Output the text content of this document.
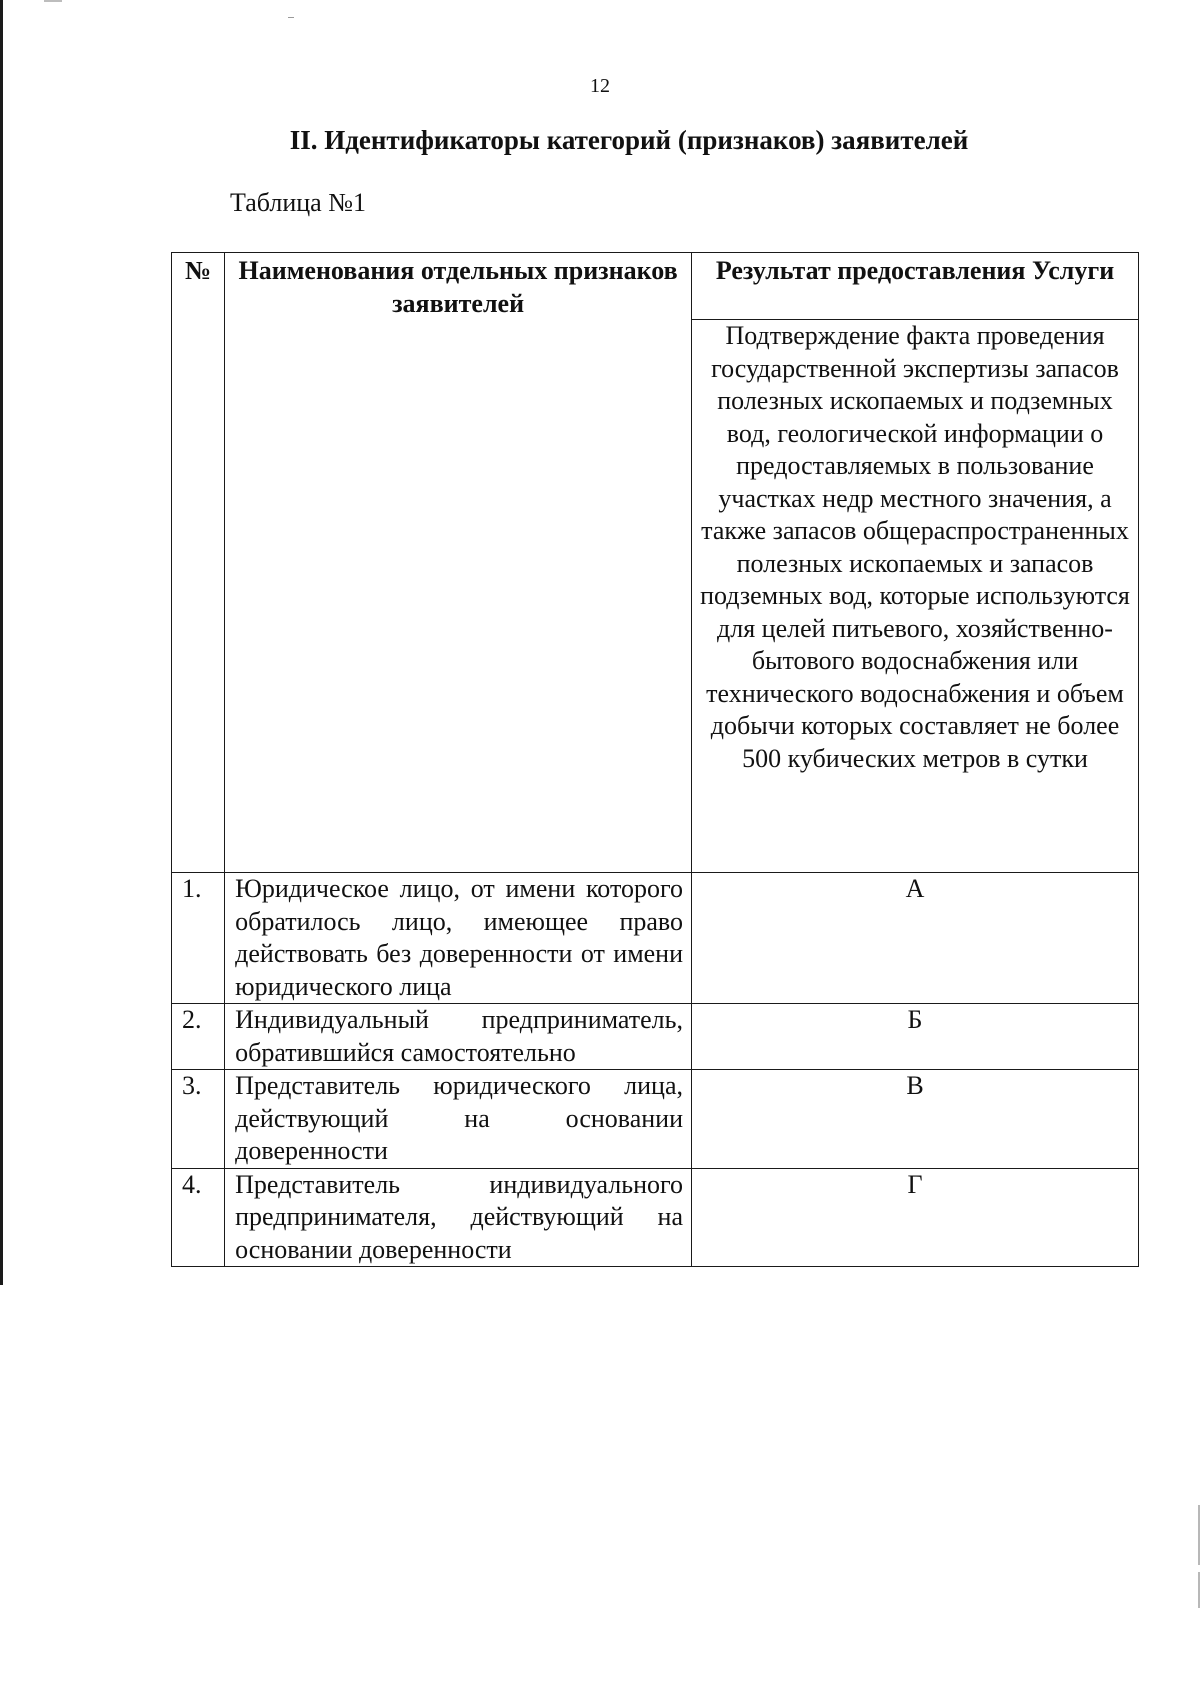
12
II. Идентификаторы категорий (признаков) заявителей
Таблица №1
№	Наименования отдельных признаков заявителей	Результат предоставления Услуги
		Подтверждение факта проведения государственной экспертизы запасов полезных ископаемых и подземных вод, геологической информации о предоставляемых в пользование участках недр местного значения, а также запасов общераспространенных полезных ископаемых и запасов подземных вод, которые используются для целей питьевого, хозяйственно-бытового водоснабжения или технического водоснабжения и объем добычи которых составляет не более 500 кубических метров в сутки
1.	Юридическое лицо, от имени которого обратилось лицо, имеющее право действовать без доверенности от имени юридического лица	А
2.	Индивидуальный предприниматель, обратившийся самостоятельно	Б
3.	Представитель юридического лица, действующий на основании доверенности	В
4.	Представитель индивидуального предпринимателя, действующий на основании доверенности	Г
